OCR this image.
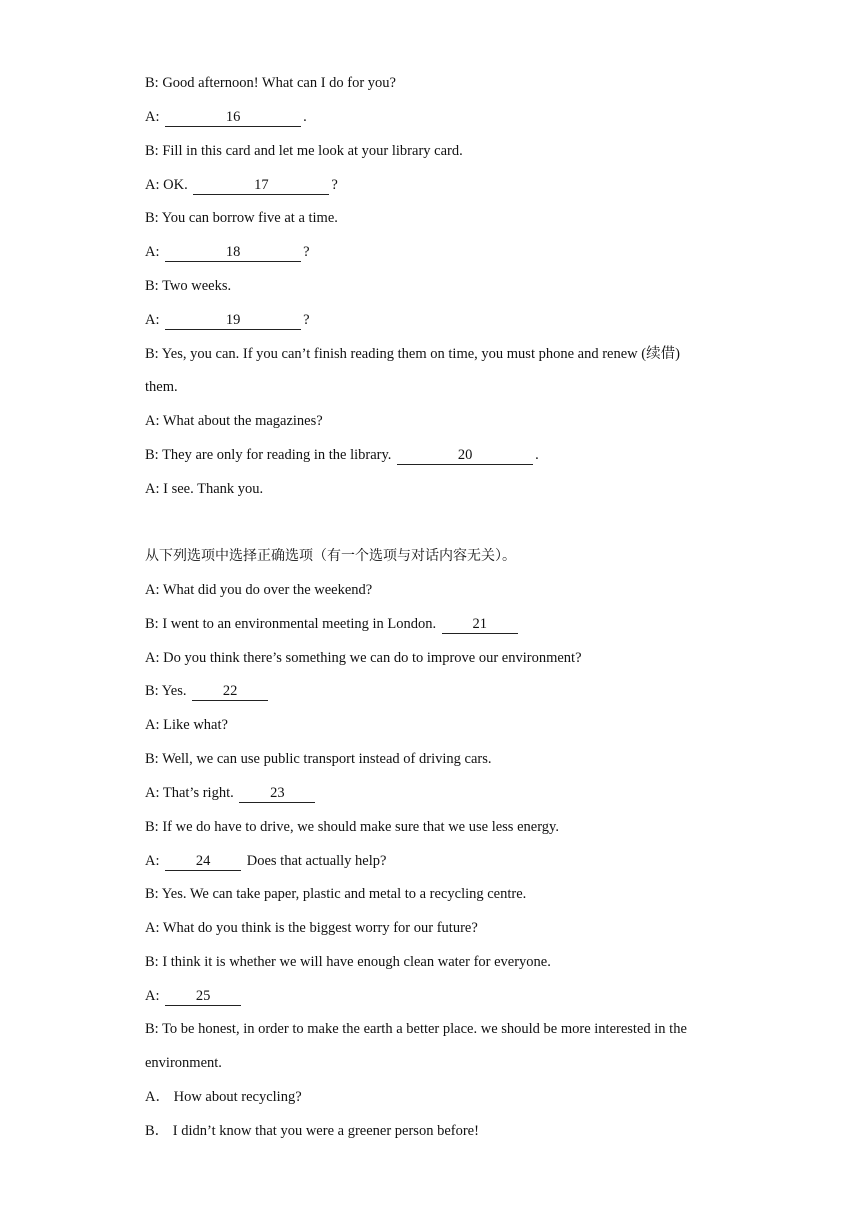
B: Good afternoon! What can I do for you?
A:	16	.
B: Fill in this card and let me look at your library card.
A: OK.	17	?
B: You can borrow five at a time.
A:	18	?
B: Two weeks.
A:	19	?
B: Yes, you can. If you can’t finish reading them on time, you must phone and renew (续借)
them.
A: What about the magazines?
B: They are only for reading in the library.	20	.
A: I see. Thank you.
从下列选项中选择正确选项（有一个选项与对话内容无关）。
A: What did you do over the weekend?
B: I went to an environmental meeting in London.	21
A: Do you think there’s something we can do to improve our environment?
B: Yes.	22
A: Like what?
B: Well, we can use public transport instead of driving cars.
A: That’s right.	23
B: If we do have to drive, we should make sure that we use less energy.
A:	24	Does that actually help?
B: Yes. We can take paper, plastic and metal to a recycling centre.
A: What do you think is the biggest worry for our future?
B: I think it is whether we will have enough clean water for everyone.
A:	25
B: To be honest, in order to make the earth a better place. we should be more interested in the
environment.
A． How about recycling?
B． I didn’t know that you were a greener person before!
